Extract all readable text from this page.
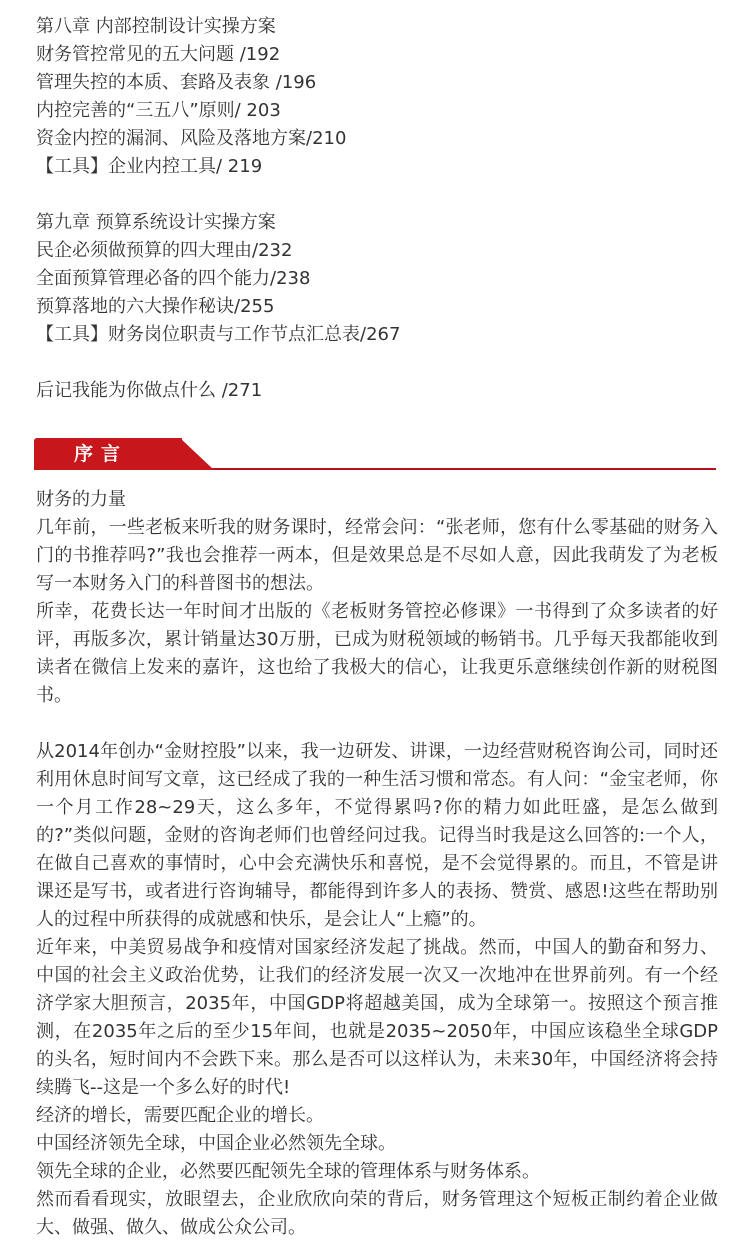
第八章 内部控制设计实操方案
财务管控常见的五大问题 /192
管理失控的本质、套路及表象 /196
内控完善的“三五八”原则/ 203
资金内控的漏洞、风险及落地方案/210
【工具】企业内控工具/ 219
第九章 预算系统设计实操方案
民企必须做预算的四大理由/232
全面预算管理必备的四个能力/238
预算落地的六大操作秘诀/255
【工具】财务岗位职责与工作节点汇总表/267
后记我能为你做点什么 /271
序言

财务的力量

几年前，一些老板来听我的财务课时，经常会问：“张老师，您有什么零基础的财务入门的书推荐吗?”我也会推荐一两本，但是效果总是不尽如人意，因此我萌发了为老板写一本财务入门的科普图书的想法。

所幸，花费长达一年时间才出版的《老板财务管控必修课》一书得到了众多读者的好评，再版多次，累计销量达30万册，已成为财税领域的畅销书。几乎每天我都能收到读者在微信上发来的嘉许，这也给了我极大的信心，让我更乐意继续创作新的财税图书。

从2014年创办“金财控股”以来，我一边研发、讲课，一边经营财税咨询公司，同时还利用休息时间写文章，这已经成了我的一种生活习惯和常态。有人问：“金宝老师，你一个月工作28~29天，这么多年，不觉得累吗?你的精力如此旺盛，是怎么做到的?”类似问题，金财的咨询老师们也曾经问过我。记得当时我是这么回答的:一个人，在做自己喜欢的事情时，心中会充满快乐和喜悦，是不会觉得累的。而且，不管是讲课还是写书，或者进行咨询辅导，都能得到许多人的表扬、赞赏、感恩!这些在帮助别人的过程中所获得的成就感和快乐，是会让人“上瘾”的。

近年来，中美贸易战争和疫情对国家经济发起了挑战。然而，中国人的勤奋和努力、中国的社会主义政治优势，让我们的经济发展一次又一次地冲在世界前列。有一个经济学家大胆预言，2035年，中国GDP将超越美国，成为全球第一。按照这个预言推测，在2035年之后的至少15年间，也就是2035~2050年，中国应该稳坐全球GDP的头名，短时间内不会跌下来。那么是否可以这样认为，未来30年，中国经济将会持续腾飞--这是一个多么好的时代!

经济的增长，需要匹配企业的增长。

中国经济领先全球，中国企业必然领先全球。

领先全球的企业，必然要匹配领先全球的管理体系与财务体系。

然而看看现实，放眼望去，企业欣欣向荣的背后，财务管理这个短板正制约着企业做大、做强、做久、做成公众公司。
